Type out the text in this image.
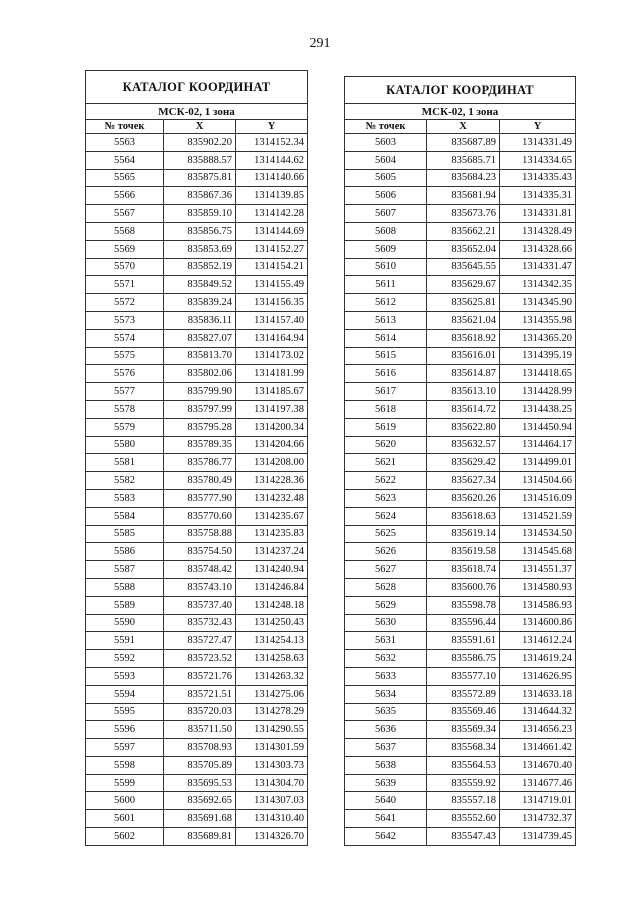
291
КАТАЛОГ КООРДИНАТ		
МСК-02, 1 зона		
№ точек	X	Y
5563	835902.20	1314152.34
5564	835888.57	1314144.62
5565	835875.81	1314140.66
5566	835867.36	1314139.85
5567	835859.10	1314142.28
5568	835856.75	1314144.69
5569	835853.69	1314152.27
5570	835852.19	1314154.21
5571	835849.52	1314155.49
5572	835839.24	1314156.35
5573	835836.11	1314157.40
5574	835827.07	1314164.94
5575	835813.70	1314173.02
5576	835802.06	1314181.99
5577	835799.90	1314185.67
5578	835797.99	1314197.38
5579	835795.28	1314200.34
5580	835789.35	1314204.66
5581	835786.77	1314208.00
5582	835780.49	1314228.36
5583	835777.90	1314232.48
5584	835770.60	1314235.67
5585	835758.88	1314235.83
5586	835754.50	1314237.24
5587	835748.42	1314240.94
5588	835743.10	1314246.84
5589	835737.40	1314248.18
5590	835732.43	1314250.43
5591	835727.47	1314254.13
5592	835723.52	1314258.63
5593	835721.76	1314263.32
5594	835721.51	1314275.06
5595	835720.03	1314278.29
5596	835711.50	1314290.55
5597	835708.93	1314301.59
5598	835705.89	1314303.73
5599	835695.53	1314304.70
5600	835692.65	1314307.03
5601	835691.68	1314310.40
5602	835689.81	1314326.70
КАТАЛОГ КООРДИНАТ		
МСК-02, 1 зона		
№ точек	X	Y
5603	835687.89	1314331.49
5604	835685.71	1314334.65
5605	835684.23	1314335.43
5606	835681.94	1314335.31
5607	835673.76	1314331.81
5608	835662.21	1314328.49
5609	835652.04	1314328.66
5610	835645.55	1314331.47
5611	835629.67	1314342.35
5612	835625.81	1314345.90
5613	835621.04	1314355.98
5614	835618.92	1314365.20
5615	835616.01	1314395.19
5616	835614.87	1314418.65
5617	835613.10	1314428.99
5618	835614.72	1314438.25
5619	835622.80	1314450.94
5620	835632.57	1314464.17
5621	835629.42	1314499.01
5622	835627.34	1314504.66
5623	835620.26	1314516.09
5624	835618.63	1314521.59
5625	835619.14	1314534.50
5626	835619.58	1314545.68
5627	835618.74	1314551.37
5628	835600.76	1314580.93
5629	835598.78	1314586.93
5630	835596.44	1314600.86
5631	835591.61	1314612.24
5632	835586.75	1314619.24
5633	835577.10	1314626.95
5634	835572.89	1314633.18
5635	835569.46	1314644.32
5636	835569.34	1314656.23
5637	835568.34	1314661.42
5638	835564.53	1314670.40
5639	835559.92	1314677.46
5640	835557.18	1314719.01
5641	835552.60	1314732.37
5642	835547.43	1314739.45
